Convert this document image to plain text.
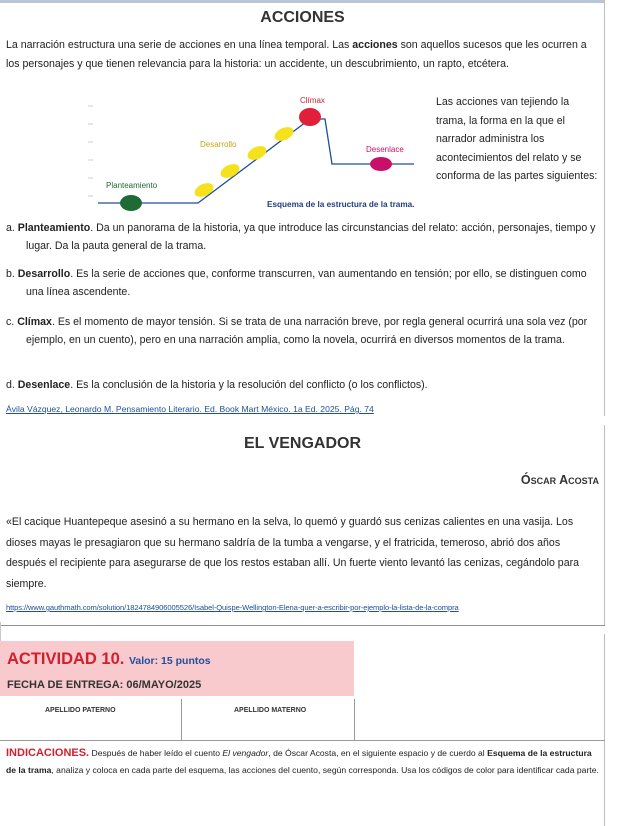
ACCIONES
La narración estructura una serie de acciones en una línea temporal. Las acciones son aquellos sucesos que les ocurren a los personajes y que tienen relevancia para la historia: un accidente, un descubrimiento, un rapto, etcétera.
Clímax
Desarrollo
Desenlace
Planteamiento
Esquema de la estructura de la trama.
Las acciones van tejiendo la trama, la forma en la que el narrador administra los acontecimientos del relato y se conforma de las partes siguientes:
a. Planteamiento. Da un panorama de la historia, ya que introduce las circunstancias del relato: acción, personajes, tiempo y lugar. Da la pauta general de la trama.
b. Desarrollo. Es la serie de acciones que, conforme transcurren, van aumentando en tensión; por ello, se distinguen como una línea ascendente.
c. Clímax. Es el momento de mayor tensión. Si se trata de una narración breve, por regla general ocurrirá una sola vez (por ejemplo, en un cuento), pero en una narración amplia, como la novela, ocurrirá en diversos momentos de la trama.
d. Desenlace. Es la conclusión de la historia y la resolución del conflicto (o los conflictos).
Ávila Vázquez, Leonardo M. Pensamiento Literario. Ed. Book Mart México. 1a Ed. 2025. Pág. 74
EL VENGADOR
Óscar Acosta
«El cacique Huantepeque asesinó a su hermano en la selva, lo quemó y guardó sus cenizas calientes en una vasija. Los dioses mayas le presagiaron que su hermano saldría de la tumba a vengarse, y el fratricida, temeroso, abrió dos años después el recipiente para asegurarse de que los restos estaban allí. Un fuerte viento levantó las cenizas, cegándolo para siempre.
https://www.gauthmath.com/solution/1824784906005526/Isabel-Quispe-Wellington-Elena-quer-a-escribir-por-ejemplo-la-lista-de-la-compra
ACTIVIDAD 10. Valor: 15 puntos
FECHA DE ENTREGA: 06/MAYO/2025
APELLIDO PATERNO	APELLIDO MATERNO
INDICACIONES. Después de haber leído el cuento El vengador, de Óscar Acosta, en el siguiente espacio y de cuerdo al Esquema de la estructura de la trama, analiza y coloca en cada parte del esquema, las acciones del cuento, según corresponda. Usa los códigos de color para identificar cada parte.
